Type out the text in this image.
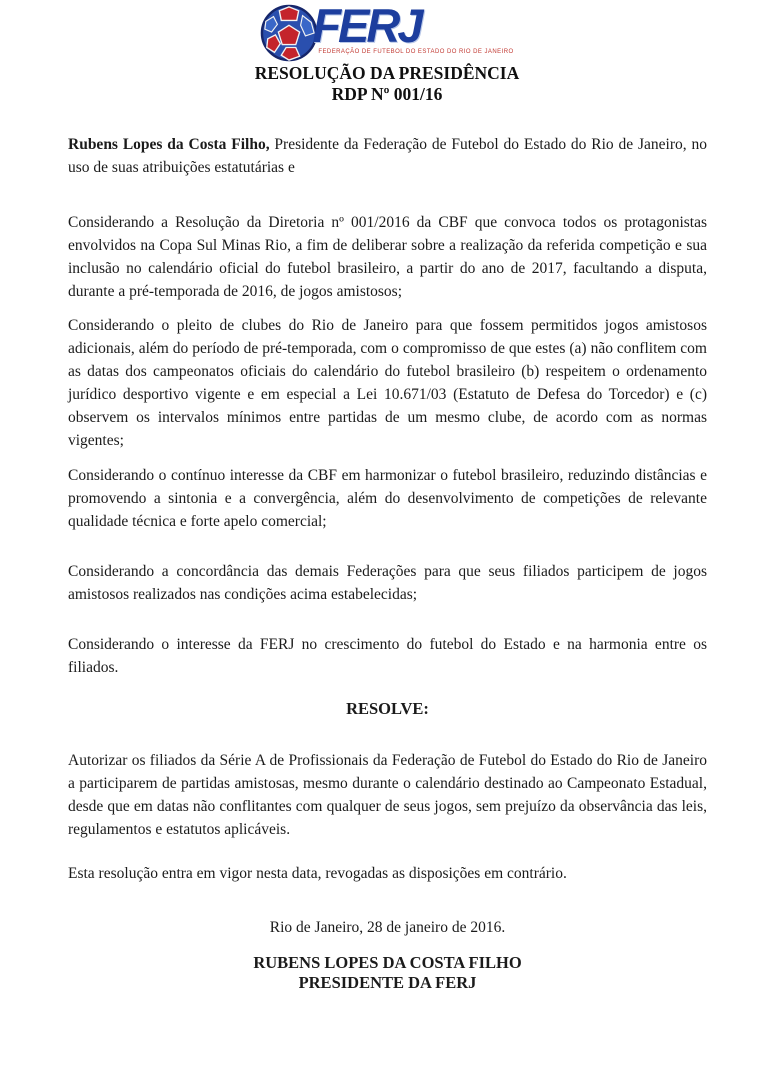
FERJ
FEDERAÇÃO DE FUTEBOL DO ESTADO DO RIO DE JANEIRO
RESOLUÇÃO DA PRESIDÊNCIA
RDP Nº 001/16

Rubens Lopes da Costa Filho, Presidente da Federação de Futebol do Estado do Rio de Janeiro, no uso de suas atribuições estatutárias e

Considerando a Resolução da Diretoria nº 001/2016 da CBF que convoca todos os protagonistas envolvidos na Copa Sul Minas Rio, a fim de deliberar sobre a realização da referida competição e sua inclusão no calendário oficial do futebol brasileiro, a partir do ano de 2017, facultando a disputa, durante a pré-temporada de 2016, de jogos amistosos;

Considerando o pleito de clubes do Rio de Janeiro para que fossem permitidos jogos amistosos adicionais, além do período de pré-temporada, com o compromisso de que estes (a) não conflitem com as datas dos campeonatos oficiais do calendário do futebol brasileiro (b) respeitem o ordenamento jurídico desportivo vigente e em especial a Lei 10.671/03 (Estatuto de Defesa do Torcedor) e (c) observem os intervalos mínimos entre partidas de um mesmo clube, de acordo com as normas vigentes;

Considerando o contínuo interesse da CBF em harmonizar o futebol brasileiro, reduzindo distâncias e promovendo a sintonia e a convergência, além do desenvolvimento de competições de relevante qualidade técnica e forte apelo comercial;

Considerando a concordância das demais Federações para que seus filiados participem de jogos amistosos realizados nas condições acima estabelecidas;

Considerando o interesse da FERJ no crescimento do futebol do Estado e na harmonia entre os filiados.

RESOLVE:

Autorizar os filiados da Série A de Profissionais da Federação de Futebol do Estado do Rio de Janeiro a participarem de partidas amistosas, mesmo durante o calendário destinado ao Campeonato Estadual, desde que em datas não conflitantes com qualquer de seus jogos, sem prejuízo da observância das leis, regulamentos e estatutos aplicáveis.

Esta resolução entra em vigor nesta data, revogadas as disposições em contrário.

Rio de Janeiro, 28 de janeiro de 2016.

RUBENS LOPES DA COSTA FILHO

PRESIDENTE DA FERJ
